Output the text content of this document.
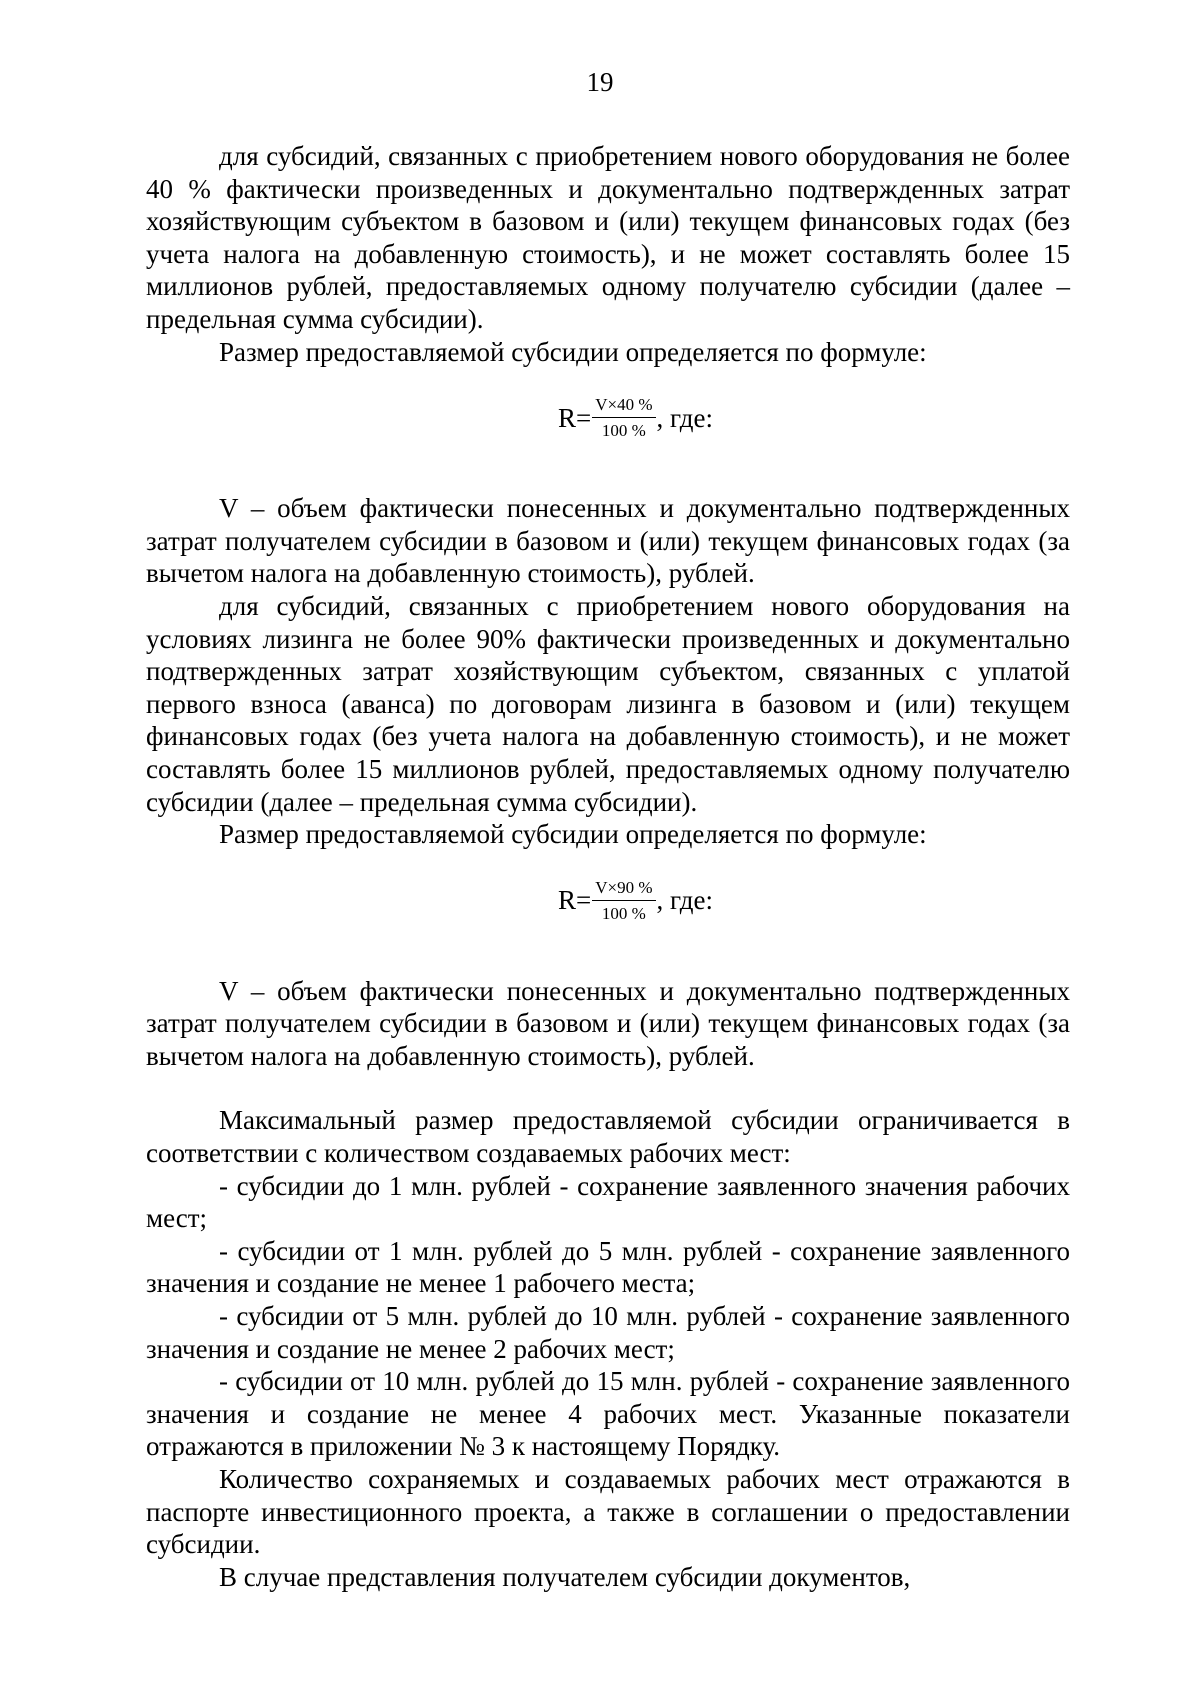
19

для субсидий, связанных с приобретением нового оборудования не более 40 % фактически произведенных и документально подтвержденных затрат хозяйствующим субъектом в базовом и (или) текущем финансовых годах (без учета налога на добавленную стоимость), и не может составлять более 15 миллионов рублей, предоставляемых одному получателю субсидии (далее – предельная сумма субсидии).

Размер предоставляемой субсидии определяется по формуле:

$R= \frac{V\times 40 \%}{100 \%}$ , где:

V – объем фактически понесенных и документально подтвержденных затрат получателем субсидии в базовом и (или) текущем финансовых годах (за вычетом налога на добавленную стоимость), рублей.

для субсидий, связанных с приобретением нового оборудования на условиях лизинга не более 90% фактически произведенных и документально подтвержденных затрат хозяйствующим субъектом, связанных с уплатой первого взноса (аванса) по договорам лизинга в базовом и (или) текущем финансовых годах (без учета налога на добавленную стоимость), и не может составлять более 15 миллионов рублей, предоставляемых одному получателю субсидии (далее – предельная сумма субсидии).

Размер предоставляемой субсидии определяется по формуле:

$R= \frac{V\times 90 \%}{100 \%}$ , где:

V – объем фактически понесенных и документально подтвержденных затрат получателем субсидии в базовом и (или) текущем финансовых годах (за вычетом налога на добавленную стоимость), рублей.

Максимальный размер предоставляемой субсидии ограничивается в соответствии с количеством создаваемых рабочих мест:

- субсидии до 1 млн. рублей - сохранение заявленного значения рабочих мест;

- субсидии от 1 млн. рублей до 5 млн. рублей - сохранение заявленного значения и создание не менее 1 рабочего места;

- субсидии от 5 млн. рублей до 10 млн. рублей - сохранение заявленного значения и создание не менее 2 рабочих мест;

- субсидии от 10 млн. рублей до 15 млн. рублей - сохранение заявленного значения и создание не менее 4 рабочих мест. Указанные показатели отражаются в приложении № 3 к настоящему Порядку.

Количество сохраняемых и создаваемых рабочих мест отражаются в паспорте инвестиционного проекта, а также в соглашении о предоставлении субсидии.

В случае представления получателем субсидии документов,
